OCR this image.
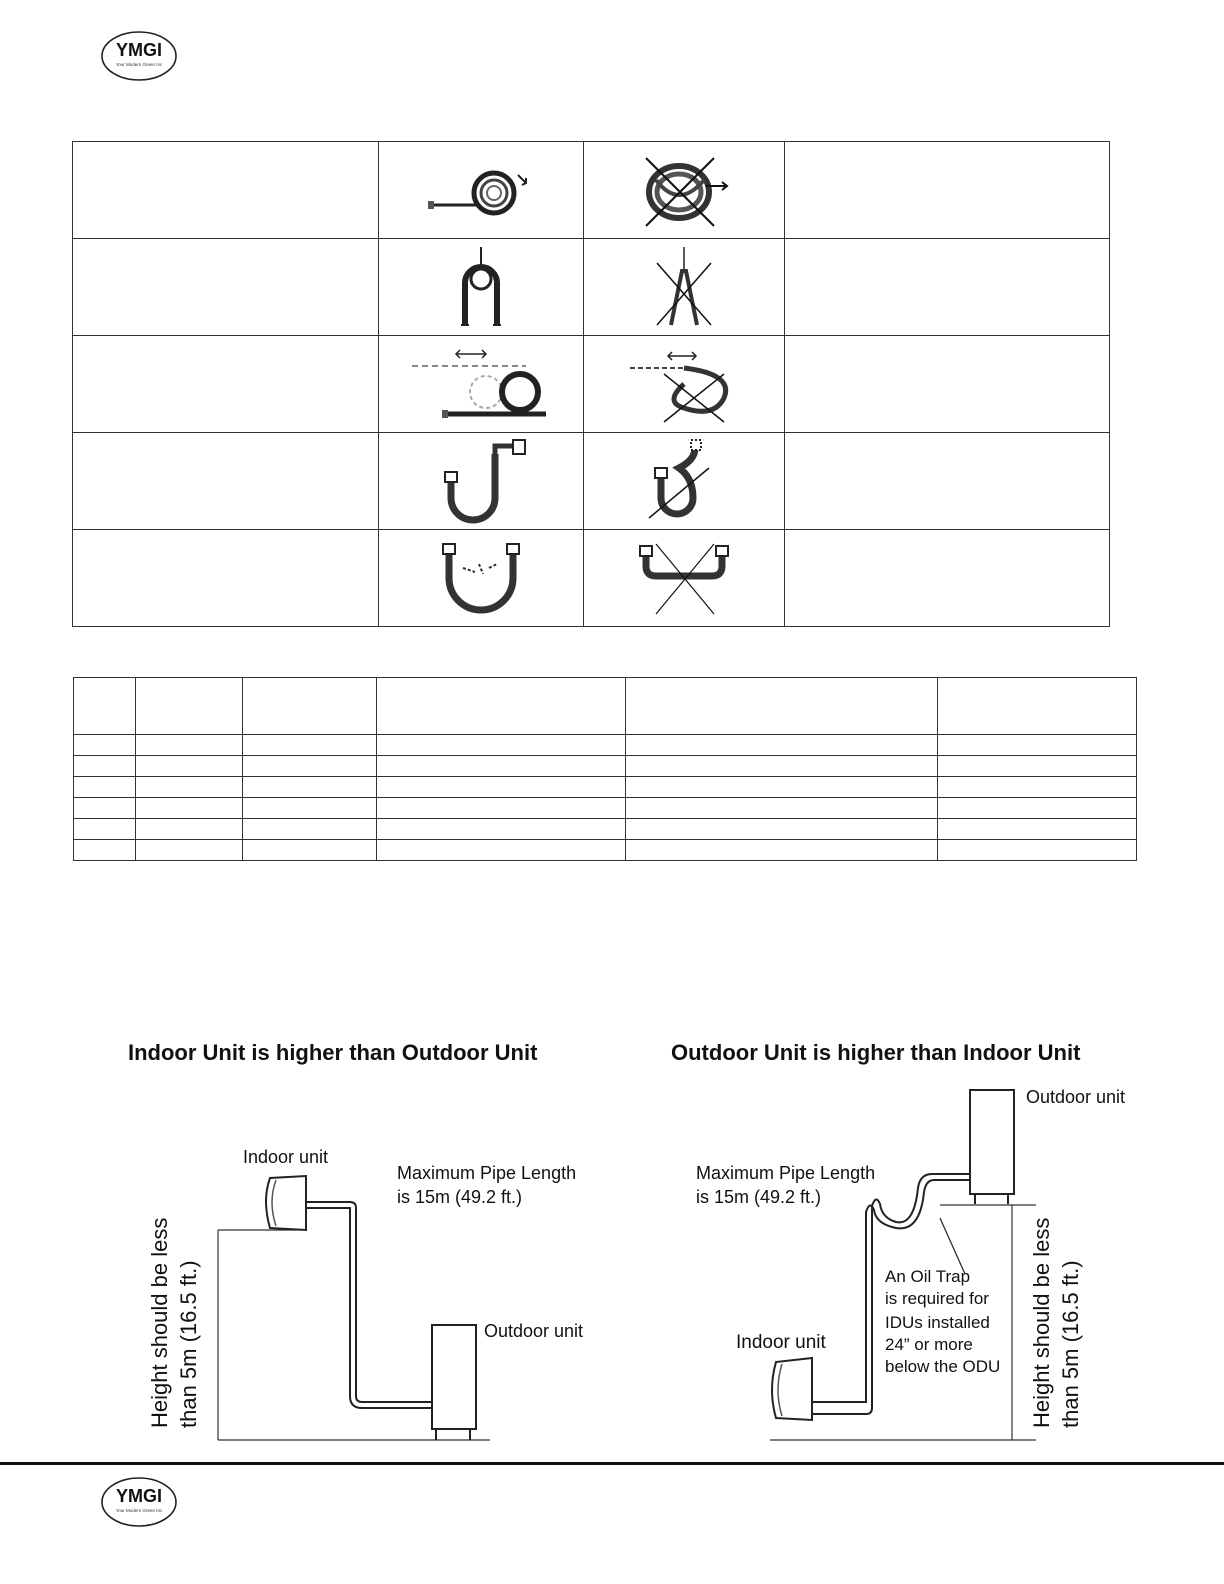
YMGI
Your Modern Green Inc

Indoor Unit is higher than Outdoor Unit	Outdoor Unit is higher than Indoor Unit
Indoor unit
Maximum Pipe Length
is 15m (49.2 ft.)
Outdoor unit
Height should be less than 5m (16.5 ft.)
Outdoor unit
Maximum Pipe Length
is 15m (49.2 ft.)
An Oil Trap
is required for
IDUs installed
24” or more
below the ODU
Indoor unit	Height should be less than 5m (16.5 ft.)
YMGI
Your Modern Green Inc
